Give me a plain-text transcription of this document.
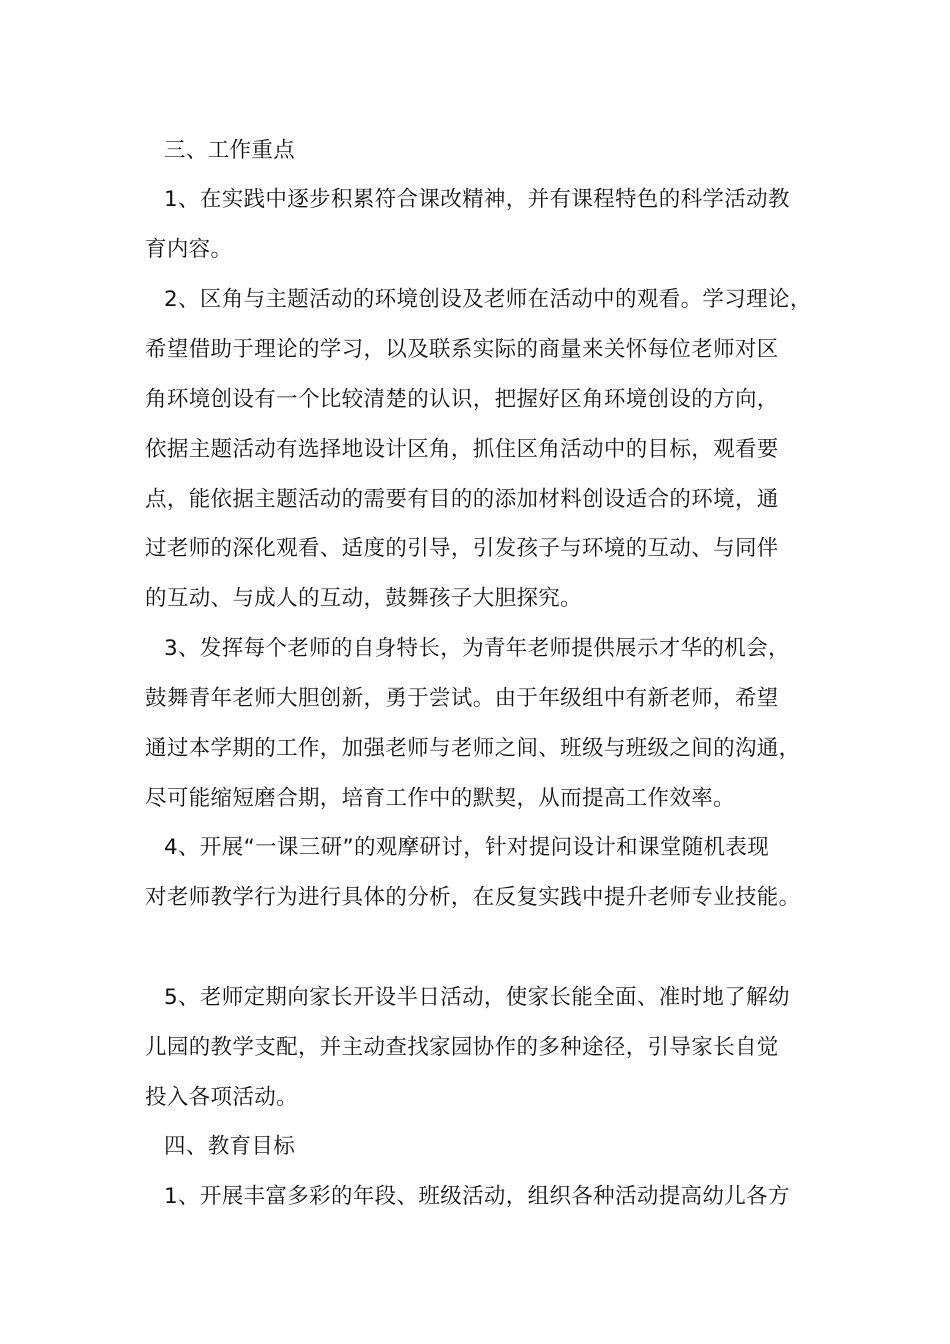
三、工作重点
1、在实践中逐步积累符合课改精神，并有课程特色的科学活动教
育内容。
2、区角与主题活动的环境创设及老师在活动中的观看。学习理论，
希望借助于理论的学习，以及联系实际的商量来关怀每位老师对区
角环境创设有一个比较清楚的认识，把握好区角环境创设的方向，
依据主题活动有选择地设计区角，抓住区角活动中的目标，观看要
点，能依据主题活动的需要有目的的添加材料创设适合的环境，通
过老师的深化观看、适度的引导，引发孩子与环境的互动、与同伴
的互动、与成人的互动，鼓舞孩子大胆探究。
3、发挥每个老师的自身特长，为青年老师提供展示才华的机会，
鼓舞青年老师大胆创新，勇于尝试。由于年级组中有新老师，希望
通过本学期的工作，加强老师与老师之间、班级与班级之间的沟通，
尽可能缩短磨合期，培育工作中的默契，从而提高工作效率。
4、开展“一课三研”的观摩研讨，针对提问设计和课堂随机表现
对老师教学行为进行具体的分析，在反复实践中提升老师专业技能。
5、老师定期向家长开设半日活动，使家长能全面、准时地了解幼
儿园的教学支配，并主动查找家园协作的多种途径，引导家长自觉
投入各项活动。
四、教育目标
1、开展丰富多彩的年段、班级活动，组织各种活动提高幼儿各方
